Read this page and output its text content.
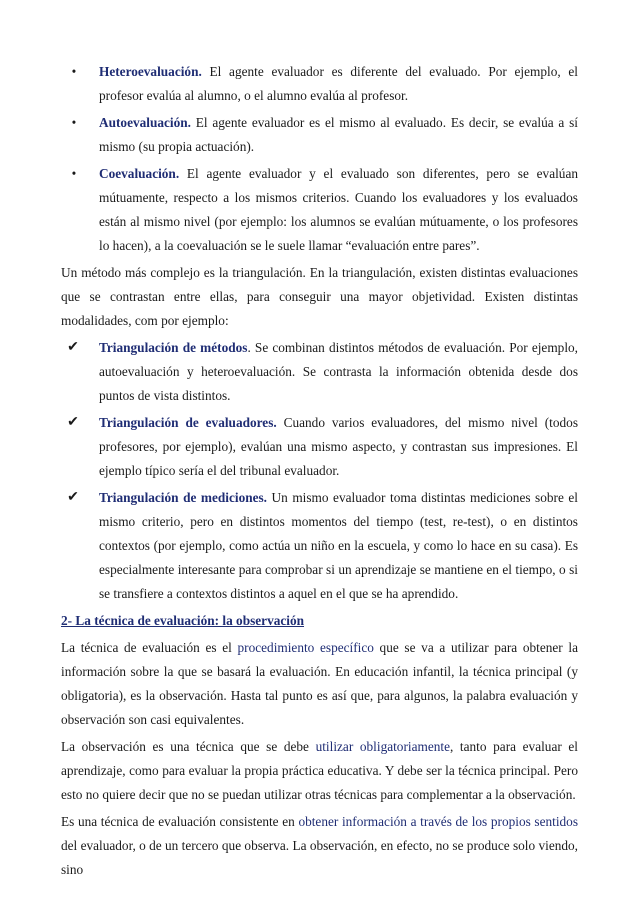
• Heteroevaluación. El agente evaluador es diferente del evaluado. Por ejemplo, el profesor evalúa al alumno, o el alumno evalúa al profesor.
• Autoevaluación. El agente evaluador es el mismo al evaluado. Es decir, se evalúa a sí mismo (su propia actuación).
• Coevaluación. El agente evaluador y el evaluado son diferentes, pero se evalúan mútuamente, respecto a los mismos criterios. Cuando los evaluadores y los evaluados están al mismo nivel (por ejemplo: los alumnos se evalúan mútuamente, o los profesores lo hacen), a la coevaluación se le suele llamar “evaluación entre pares”.

Un método más complejo es la triangulación. En la triangulación, existen distintas evaluaciones que se contrastan entre ellas, para conseguir una mayor objetividad. Existen distintas modalidades, com por ejemplo:

✔ Triangulación de métodos. Se combinan distintos métodos de evaluación. Por ejemplo, autoevaluación y heteroevaluación. Se contrasta la información obtenida desde dos puntos de vista distintos.
✔ Triangulación de evaluadores. Cuando varios evaluadores, del mismo nivel (todos profesores, por ejemplo), evalúan una mismo aspecto, y contrastan sus impresiones. El ejemplo típico sería el del tribunal evaluador.
✔ Triangulación de mediciones. Un mismo evaluador toma distintas mediciones sobre el mismo criterio, pero en distintos momentos del tiempo (test, re-test), o en distintos contextos (por ejemplo, como actúa un niño en la escuela, y como lo hace en su casa). Es especialmente interesante para comprobar si un aprendizaje se mantiene en el tiempo, o si se transfiere a contextos distintos a aquel en el que se ha aprendido.

2- La técnica de evaluación: la observación

La técnica de evaluación es el procedimiento específico que se va a utilizar para obtener la información sobre la que se basará la evaluación. En educación infantil, la técnica principal (y obligatoria), es la observación. Hasta tal punto es así que, para algunos, la palabra evaluación y observación son casi equivalentes.

La observación es una técnica que se debe utilizar obligatoriamente, tanto para evaluar el aprendizaje, como para evaluar la propia práctica educativa. Y debe ser la técnica principal. Pero esto no quiere decir que no se puedan utilizar otras técnicas para complementar a la observación.

Es una técnica de evaluación consistente en obtener información a través de los propios sentidos del evaluador, o de un tercero que observa. La observación, en efecto, no se produce solo viendo, sino
